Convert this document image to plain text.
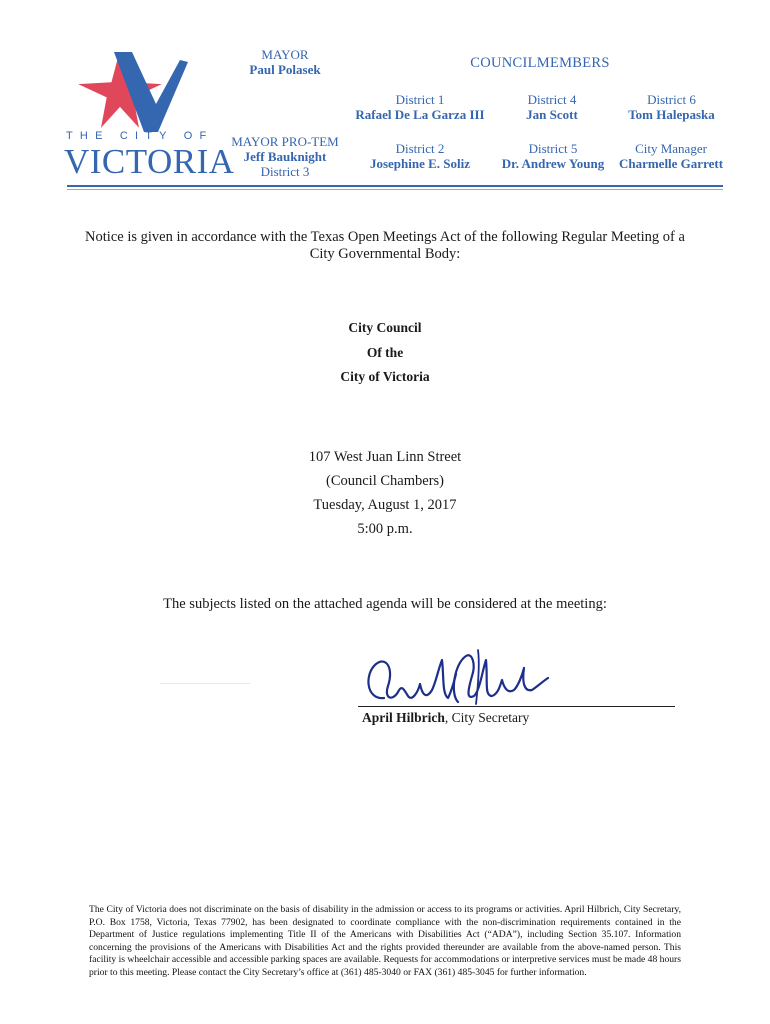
THE CITY OF
VICTORIA
MAYOR
Paul Polasek
MAYOR PRO-TEM
Jeff Bauknight
District 3
COUNCILMEMBERS
District 1
Rafael De La Garza III
District 4
Jan Scott
District 6
Tom Halepaska
District 2
Josephine E. Soliz
District 5
Dr. Andrew Young
City Manager
Charmelle Garrett
Notice is given in accordance with the Texas Open Meetings Act of the following Regular Meeting of a City Governmental Body:
City Council
Of the
City of Victoria
107 West Juan Linn Street
(Council Chambers)
Tuesday, August 1, 2017
5:00 p.m.
The subjects listed on the attached agenda will be considered at the meeting:
April Hilbrich, City Secretary
The City of Victoria does not discriminate on the basis of disability in the admission or access to its programs or activities. April Hilbrich, City Secretary, P.O. Box 1758, Victoria, Texas 77902, has been designated to coordinate compliance with the non-discrimination requirements contained in the Department of Justice regulations implementing Title II of the Americans with Disabilities Act (“ADA”), including Section 35.107. Information concerning the provisions of the Americans with Disabilities Act and the rights provided thereunder are available from the above-named person. This facility is wheelchair accessible and accessible parking spaces are available. Requests for accommodations or interpretive services must be made 48 hours prior to this meeting. Please contact the City Secretary’s office at (361) 485-3040 or FAX (361) 485-3045 for further information.
